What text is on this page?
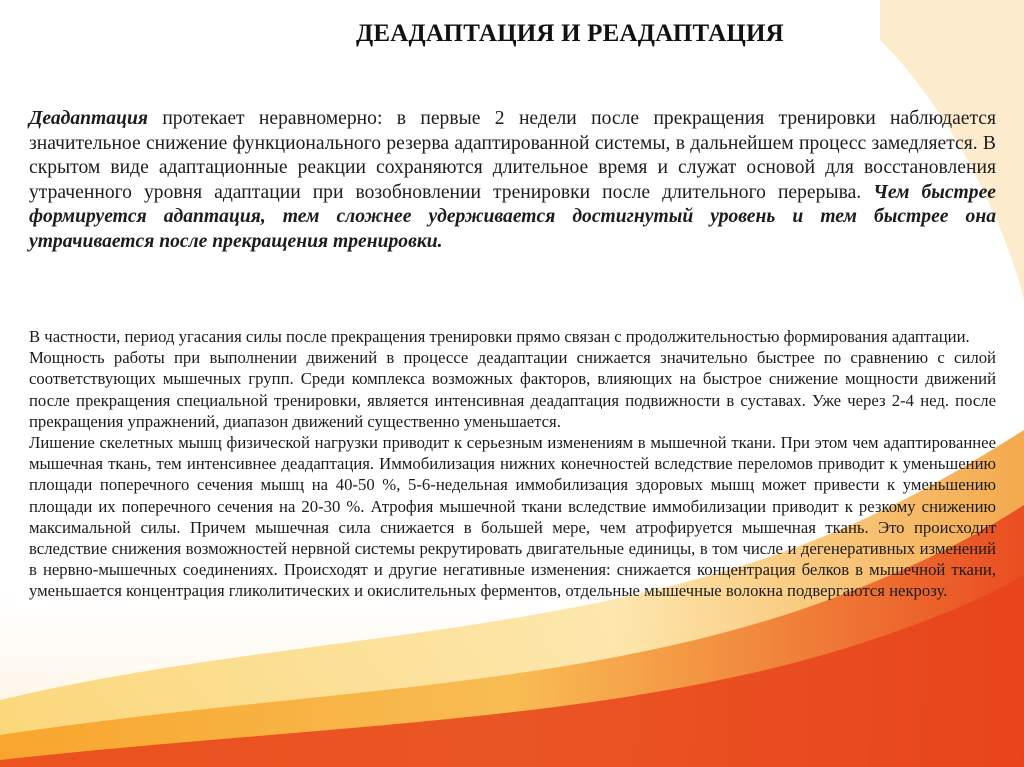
ДЕАДАПТАЦИЯ И РЕАДАПТАЦИЯ
Деадаптация протекает неравномерно: в первые 2 недели после прекращения тренировки наблюдается значительное снижение функционального резерва адаптированной системы, в дальнейшем процесс замедляется. В скрытом виде адаптационные реакции сохраняются длительное время и служат основой для восстановления утраченного уровня адаптации при возобновлении тренировки после длительного перерыва. Чем быстрее формируется адаптация, тем сложнее удерживается достигнутый уровень и тем быстрее она утрачивается после прекращения тренировки.

В частности, период угасания силы после прекращения тренировки прямо связан с продолжительностью формирования адаптации.

Мощность работы при выполнении движений в процессе деадаптации снижается значительно быстрее по сравнению с силой соответствующих мышечных групп. Среди комплекса возможных факторов, влияющих на быстрое снижение мощности движений после прекращения специальной тренировки, является интенсивная деадаптация подвижности в суставах. Уже через 2-4 нед. после прекращения упражнений, диапазон движений существенно уменьшается.

Лишение скелетных мышц физической нагрузки приводит к серьезным изменениям в мышечной ткани. При этом чем адаптированнее мышечная ткань, тем интенсивнее деадаптация. Иммобилизация нижних конечностей вследствие переломов приводит к уменьшению площади поперечного сечения мышц на 40-50 %, 5-6-недельная иммобилизация здоровых мышц может привести к уменьшению площади их поперечного сечения на 20-30 %. Атрофия мышечной ткани вследствие иммобилизации приводит к резкому снижению максимальной силы. Причем мышечная сила снижается в большей мере, чем атрофируется мышечная ткань. Это происходит вследствие снижения возможностей нервной системы рекрутировать двигательные единицы, в том числе и дегенеративных изменений в нервно-мышечных соединениях. Происходят и другие негативные изменения: снижается концентрация белков в мышечной ткани, уменьшается концентрация гликолитических и окислительных ферментов, отдельные мышечные волокна подвергаются некрозу.
